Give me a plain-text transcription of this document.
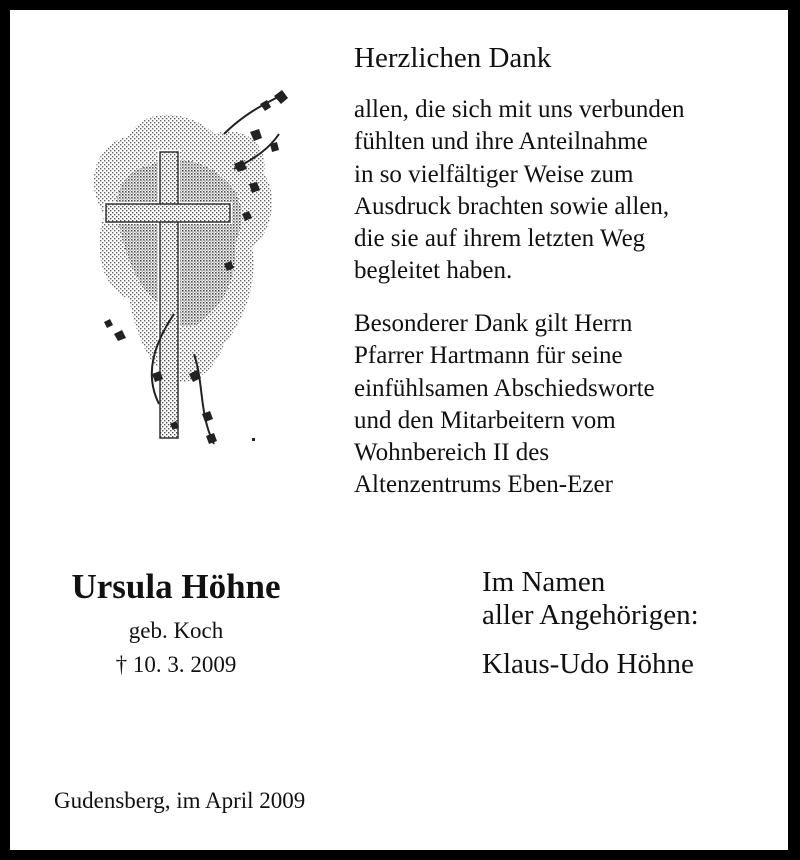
Herzlichen Dank
allen, die sich mit uns verbunden
fühlten und ihre Anteilnahme
in so vielfältiger Weise zum
Ausdruck brachten sowie allen,
die sie auf ihrem letzten Weg
begleitet haben.
Besonderer Dank gilt Herrn
Pfarrer Hartmann für seine
einfühlsamen Abschiedsworte
und den Mitarbeitern vom
Wohnbereich II des
Altenzentrums Eben-Ezer
Ursula Höhne
geb. Koch
† 10. 3. 2009
Im Namen
aller Angehörigen:
Klaus-Udo Höhne
Gudensberg, im April 2009
